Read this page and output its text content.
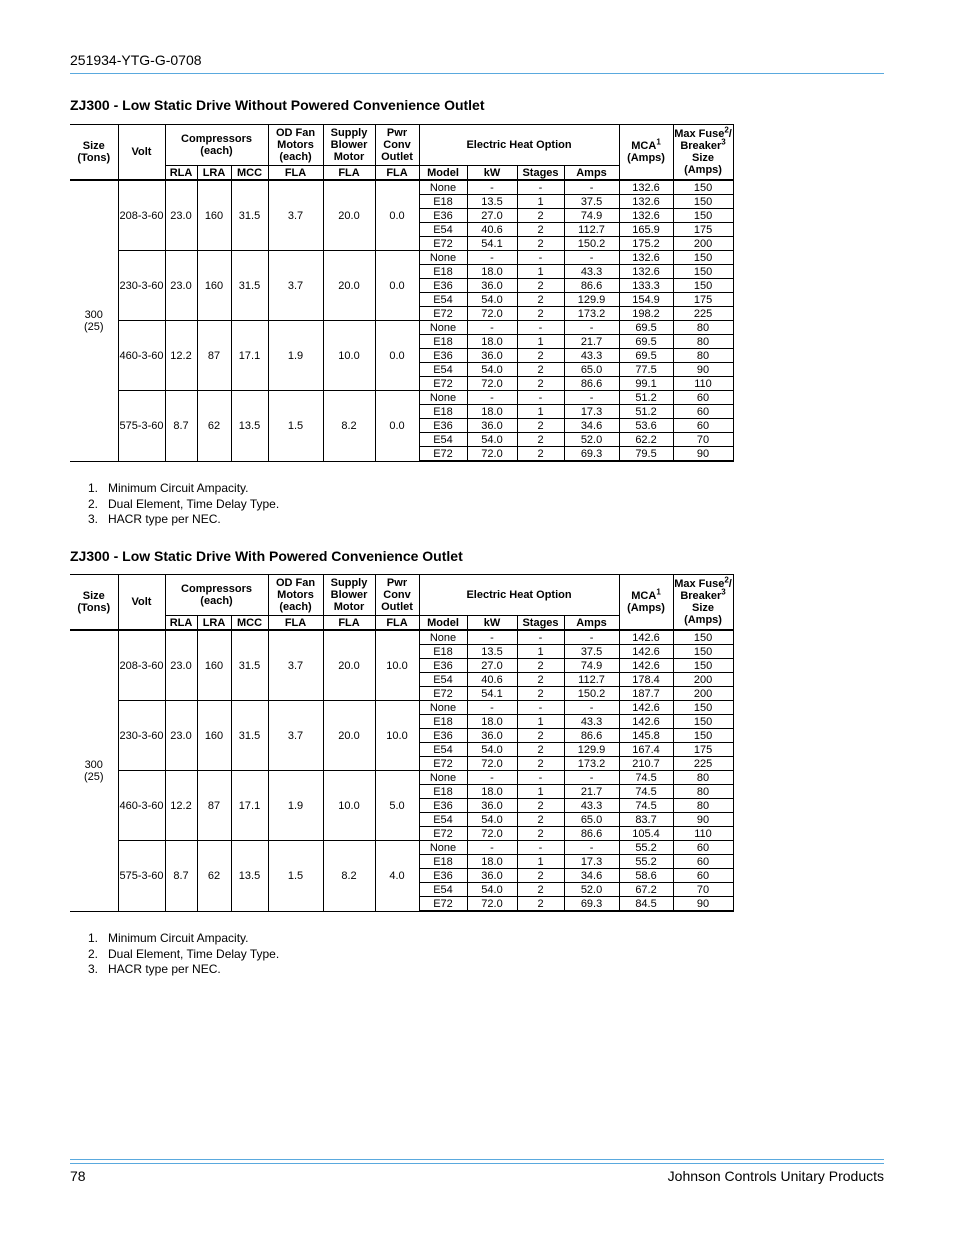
251934-YTG-G-0708
ZJ300 - Low Static Drive Without Powered Convenience Outlet
Size
(Tons)	Volt	Compressors
(each)			OD Fan
Motors
(each)	Supply
Blower
Motor	Pwr
Conv
Outlet	Electric Heat Option				MCA$^1$
(Amps)	Max Fuse$^2$/ Breaker$^3$
Size
(Amps)
		RLA	LRA	MCC	FLA	FLA	FLA	Model	kW	Stages	Amps		
300
(25)	208-3-60	23.0	160	31.5	3.7	20.0	0.0	None	-	-	-	132.6	150
								E18	13.5	1	37.5	132.6	150
								E36	27.0	2	74.9	132.6	150
								E54	40.6	2	112.7	165.9	175
								E72	54.1	2	150.2	175.2	200
	230-3-60	23.0	160	31.5	3.7	20.0	0.0	None	-	-	-	132.6	150
								E18	18.0	1	43.3	132.6	150
								E36	36.0	2	86.6	133.3	150
								E54	54.0	2	129.9	154.9	175
								E72	72.0	2	173.2	198.2	225
	460-3-60	12.2	87	17.1	1.9	10.0	0.0	None	-	-	-	69.5	80
								E18	18.0	1	21.7	69.5	80
								E36	36.0	2	43.3	69.5	80
								E54	54.0	2	65.0	77.5	90
								E72	72.0	2	86.6	99.1	110
	575-3-60	8.7	62	13.5	1.5	8.2	0.0	None	-	-	-	51.2	60
								E18	18.0	1	17.3	51.2	60
								E36	36.0	2	34.6	53.6	60
								E54	54.0	2	52.0	62.2	70
								E72	72.0	2	69.3	79.5	90
1. Minimum Circuit Ampacity.
2. Dual Element, Time Delay Type.
3. HACR type per NEC.
ZJ300 - Low Static Drive With Powered Convenience Outlet
Size
(Tons)	Volt	Compressors
(each)			OD Fan
Motors
(each)	Supply
Blower
Motor	Pwr
Conv
Outlet	Electric Heat Option				MCA$^1$
(Amps)	Max Fuse$^2$/ Breaker$^3$
Size
(Amps)
		RLA	LRA	MCC	FLA	FLA	FLA	Model	kW	Stages	Amps		
300
(25)	208-3-60	23.0	160	31.5	3.7	20.0	10.0	None	-	-	-	142.6	150
								E18	13.5	1	37.5	142.6	150
								E36	27.0	2	74.9	142.6	150
								E54	40.6	2	112.7	178.4	200
								E72	54.1	2	150.2	187.7	200
	230-3-60	23.0	160	31.5	3.7	20.0	10.0	None	-	-	-	142.6	150
								E18	18.0	1	43.3	142.6	150
								E36	36.0	2	86.6	145.8	150
								E54	54.0	2	129.9	167.4	175
								E72	72.0	2	173.2	210.7	225
	460-3-60	12.2	87	17.1	1.9	10.0	5.0	None	-	-	-	74.5	80
								E18	18.0	1	21.7	74.5	80
								E36	36.0	2	43.3	74.5	80
								E54	54.0	2	65.0	83.7	90
								E72	72.0	2	86.6	105.4	110
	575-3-60	8.7	62	13.5	1.5	8.2	4.0	None	-	-	-	55.2	60
								E18	18.0	1	17.3	55.2	60
								E36	36.0	2	34.6	58.6	60
								E54	54.0	2	52.0	67.2	70
								E72	72.0	2	69.3	84.5	90
1. Minimum Circuit Ampacity.
2. Dual Element, Time Delay Type.
3. HACR type per NEC.
78	Johnson Controls Unitary Products
